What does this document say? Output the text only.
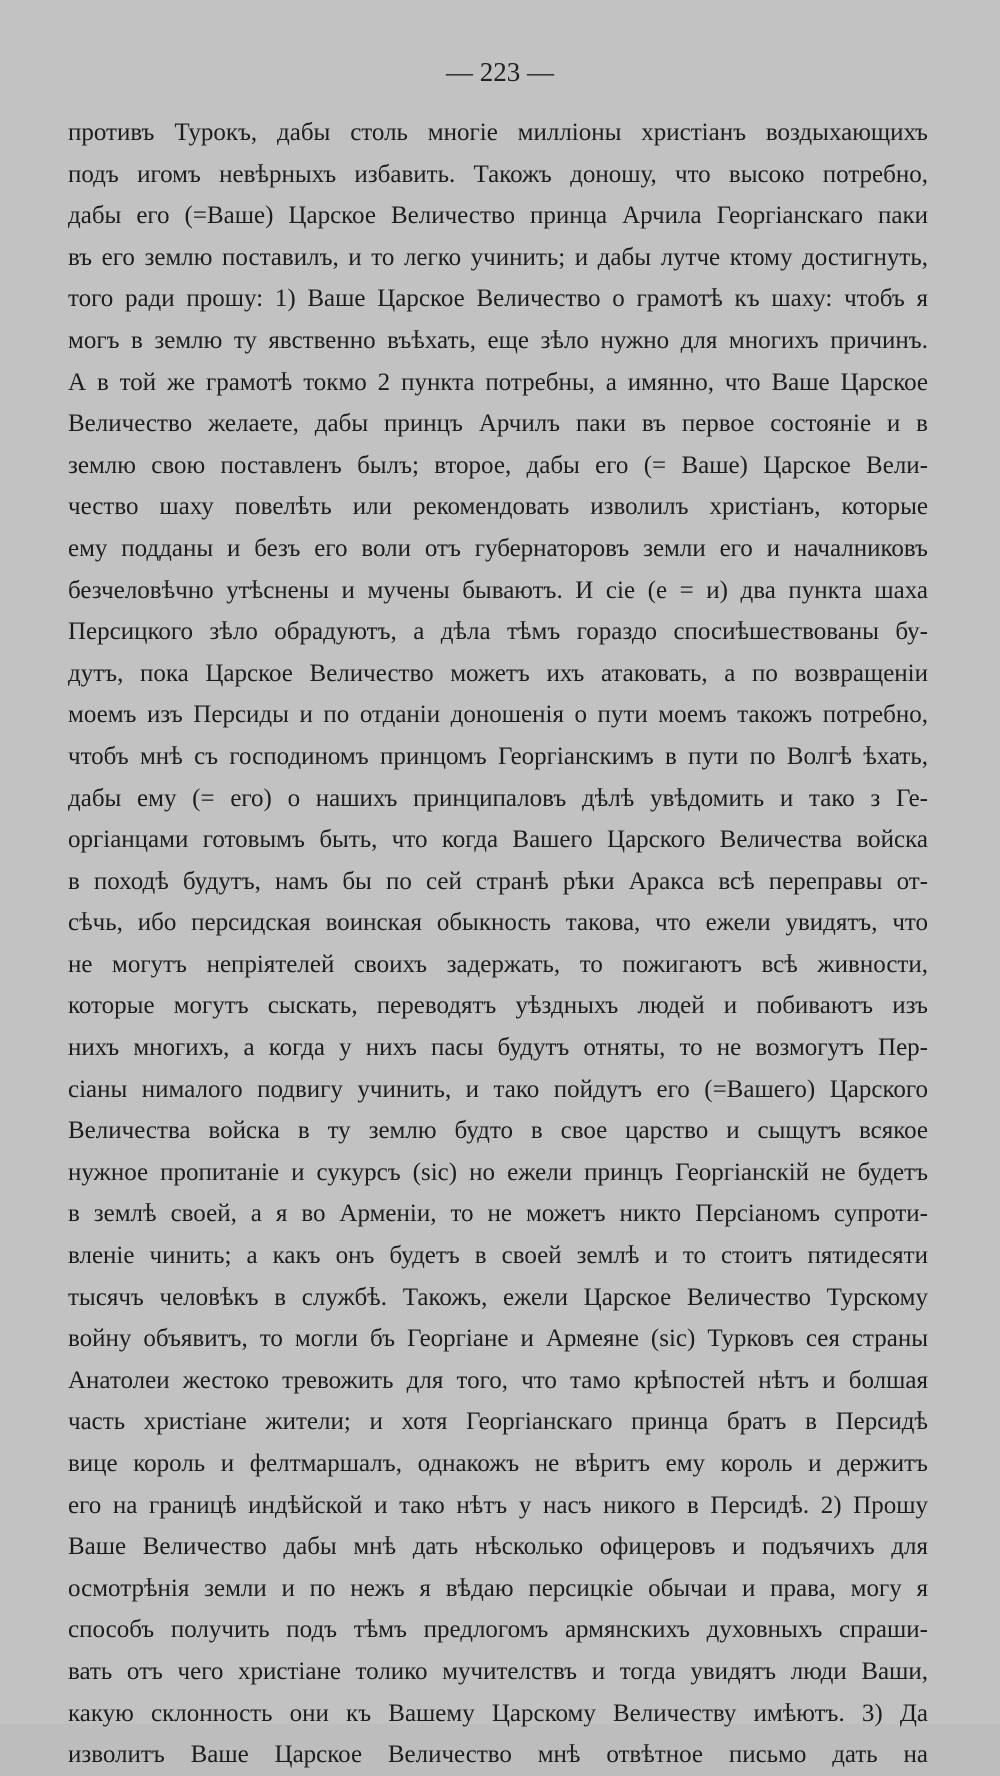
— 223 —
противъ Турокъ, дабы столь многіе милліоны христіанъ воздыхающихъ
подъ игомъ невѣрныхъ избавить. Такожъ доношу, что высоко потребно,
дабы его (=Ваше) Царское Величество принца Арчила Георгіанскаго паки
въ его землю поставилъ, и то легко учинить; и дабы лутче ктому достигнуть,
того ради прошу: 1) Ваше Царское Величество о грамотѣ къ шаху: чтобъ я
могъ в землю ту явственно въѣхать, еще зѣло нужно для многихъ причинъ.
А в той же грамотѣ токмо 2 пункта потребны, а имянно, что Ваше Царское
Величество желаете, дабы принцъ Арчилъ паки въ первое состояніе и в
землю свою поставленъ былъ; второе, дабы его (= Ваше) Царское Вели-
чество шаху повелѣть или рекомендовать изволилъ христіанъ, которые
ему подданы и безъ его воли отъ губернаторовъ земли его и началниковъ
безчеловѣчно утѣснены и мучены бываютъ. И сіе (е = и) два пункта шаха
Персицкого зѣло обрадуютъ, а дѣла тѣмъ гораздо спосиѣшествованы бу-
дутъ, пока Царское Величество можетъ ихъ атаковать, а по возвращеніи
моемъ изъ Персиды и по отданіи доношенія о пути моемъ такожъ потребно,
чтобъ мнѣ съ господиномъ принцомъ Георгіанскимъ в пути по Волгѣ ѣхать,
дабы ему (= его) о нашихъ принципаловъ дѣлѣ увѣдомить и тако з Ге-
оргіанцами готовымъ быть, что когда Вашего Царского Величества войска
в походѣ будутъ, намъ бы по сей странѣ рѣки Аракса всѣ переправы от-
сѣчь, ибо персидская воинская обыкность такова, что ежели увидятъ, что
не могутъ непріятелей своихъ задержать, то пожигаютъ всѣ живности,
которые могутъ сыскать, переводятъ уѣздныхъ людей и побиваютъ изъ
нихъ многихъ, а когда у нихъ пасы будутъ отняты, то не возмогутъ Пер-
сіаны нималого подвигу учинить, и тако пойдутъ его (=Вашего) Царского
Величества войска в ту землю будто в свое царство и сыщутъ всякое
нужное пропитаніе и сукурсъ (sic) но ежели принцъ Георгіанскій не будетъ
в землѣ своей, а я во Арменіи, то не можетъ никто Персіаномъ супроти-
вленіе чинить; а какъ онъ будетъ в своей землѣ и то стоитъ пятидесяти
тысячъ человѣкъ в службѣ. Такожъ, ежели Царское Величество Турскому
войну объявитъ, то могли бъ Георгіане и Армеяне (sic) Турковъ сея страны
Анатолеи жестоко тревожить для того, что тамо крѣпостей нѣтъ и болшая
часть христіане жители; и хотя Георгіанскаго принца братъ в Персидѣ
вице король и фелтмаршалъ, однакожъ не вѣритъ ему король и держитъ
его на границѣ индѣйской и тако нѣтъ у насъ никого в Персидѣ. 2) Прошу
Ваше Величество дабы мнѣ дать нѣсколько офицеровъ и подъячихъ для
осмотрѣнія земли и по нежъ я вѣдаю персицкіе обычаи и права, могу я
способъ получить подъ тѣмъ предлогомъ армянскихъ духовныхъ спраши-
вать отъ чего христіане толико мучителствъ и тогда увидятъ люди Ваши,
какую склонность они къ Вашему Царскому Величеству имѣютъ. 3) Да
изволитъ Ваше Царское Величество мнѣ отвѣтное письмо дать на
